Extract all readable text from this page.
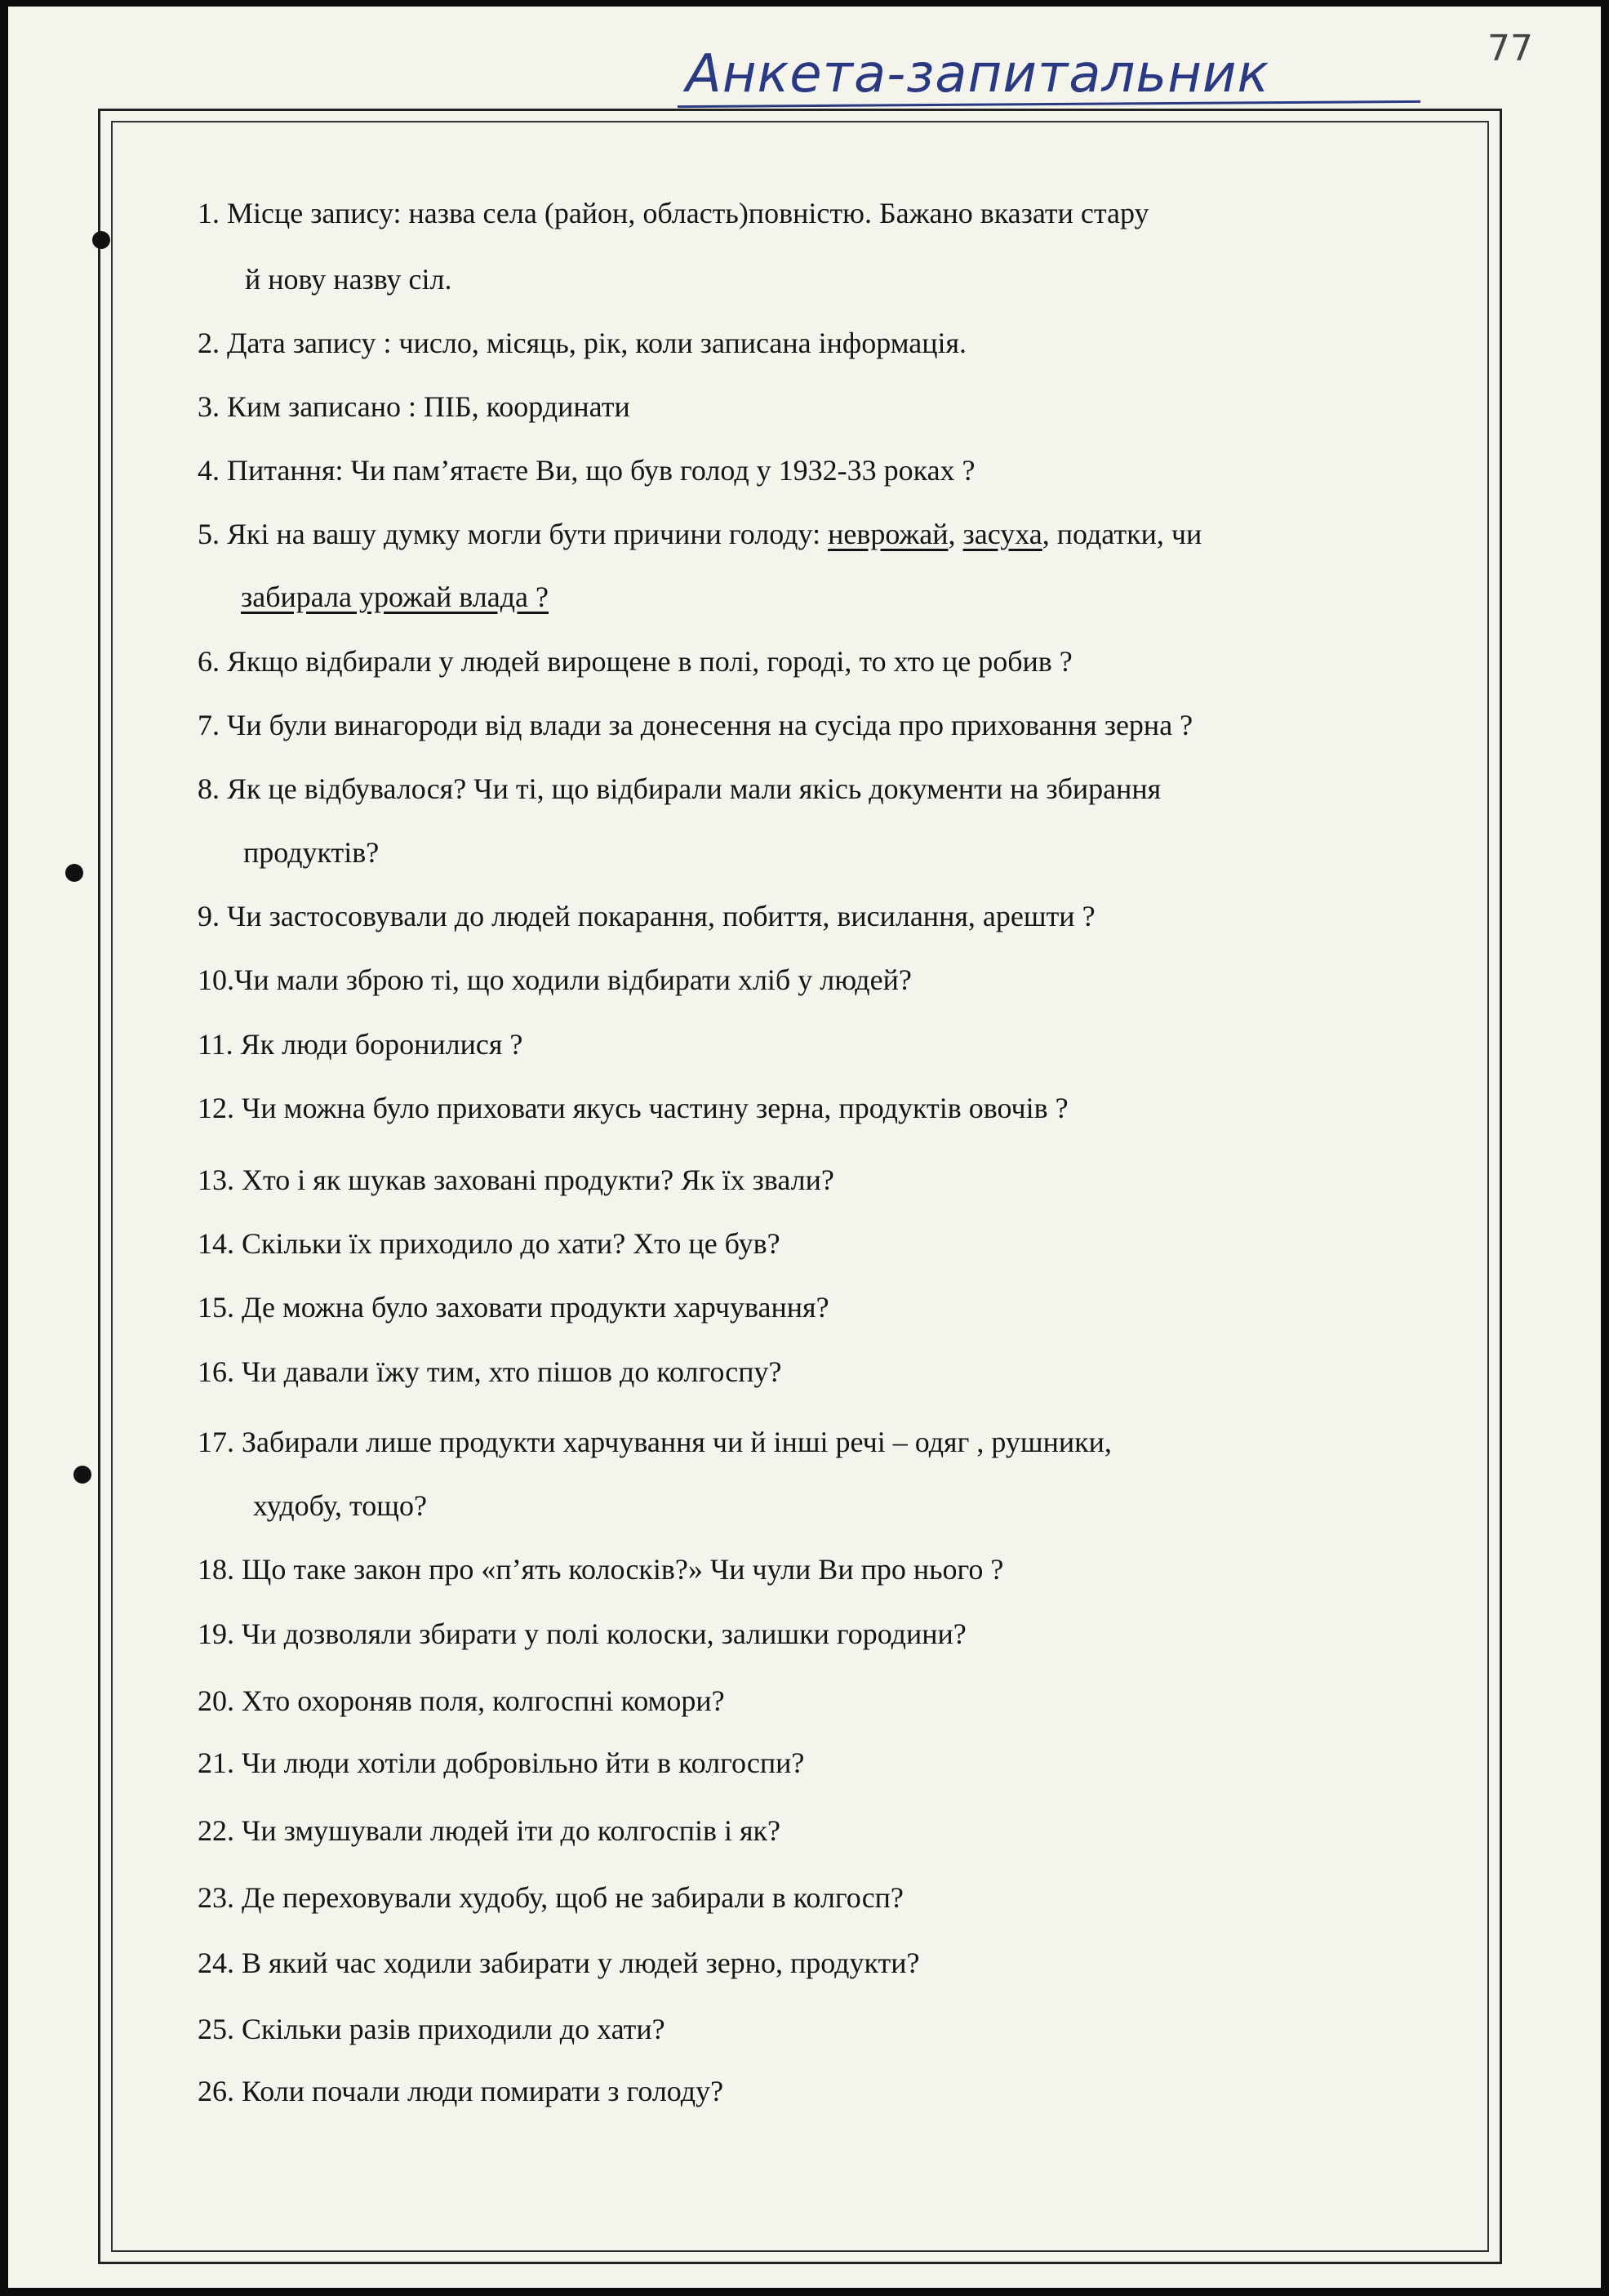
Анкета-запитальник	77

1. Місце запису: назва села (район, область)повністю. Бажано вказати стару

й нову назву сіл.

2. Дата запису : число, місяць, рік, коли записана інформація.

3. Ким записано : ПІБ, координати

4. Питання: Чи пам’ятаєте Ви, що був голод у 1932-33 роках ?

5. Які на вашу думку могли бути причини голоду: неврожай, засуха, податки, чи

забирала урожай влада ?

6. Якщо відбирали у людей вирощене в полі, городі, то хто це робив ?

7. Чи були винагороди від влади за донесення на сусіда про приховання зерна ?

8. Як це відбувалося? Чи ті, що відбирали мали якісь документи на збирання

продуктів?

9. Чи застосовували до людей покарання, побиття, висилання, арешти ?

10.Чи мали зброю ті, що ходили відбирати хліб у людей?

11. Як люди боронилися ?

12. Чи можна було приховати якусь частину зерна, продуктів овочів ?

13. Хто і як шукав заховані продукти? Як їх звали?

14. Скільки їх приходило до хати? Хто це був?

15. Де можна було заховати продукти харчування?

16. Чи давали їжу тим, хто пішов до колгоспу?

17. Забирали лише продукти харчування чи й інші речі – одяг , рушники,

худобу, тощо?

18. Що таке закон про «п’ять колосків?» Чи чули Ви про нього ?

19. Чи дозволяли збирати у полі колоски, залишки городини?

20. Хто охороняв поля, колгоспні комори?

21. Чи люди хотіли добровільно йти в колгоспи?

22. Чи змушували людей іти до колгоспів і як?

23. Де переховували худобу, щоб не забирали в колгосп?

24. В який час ходили забирати у людей зерно, продукти?

25. Скільки разів приходили до хати?

26. Коли почали люди помирати з голоду?
